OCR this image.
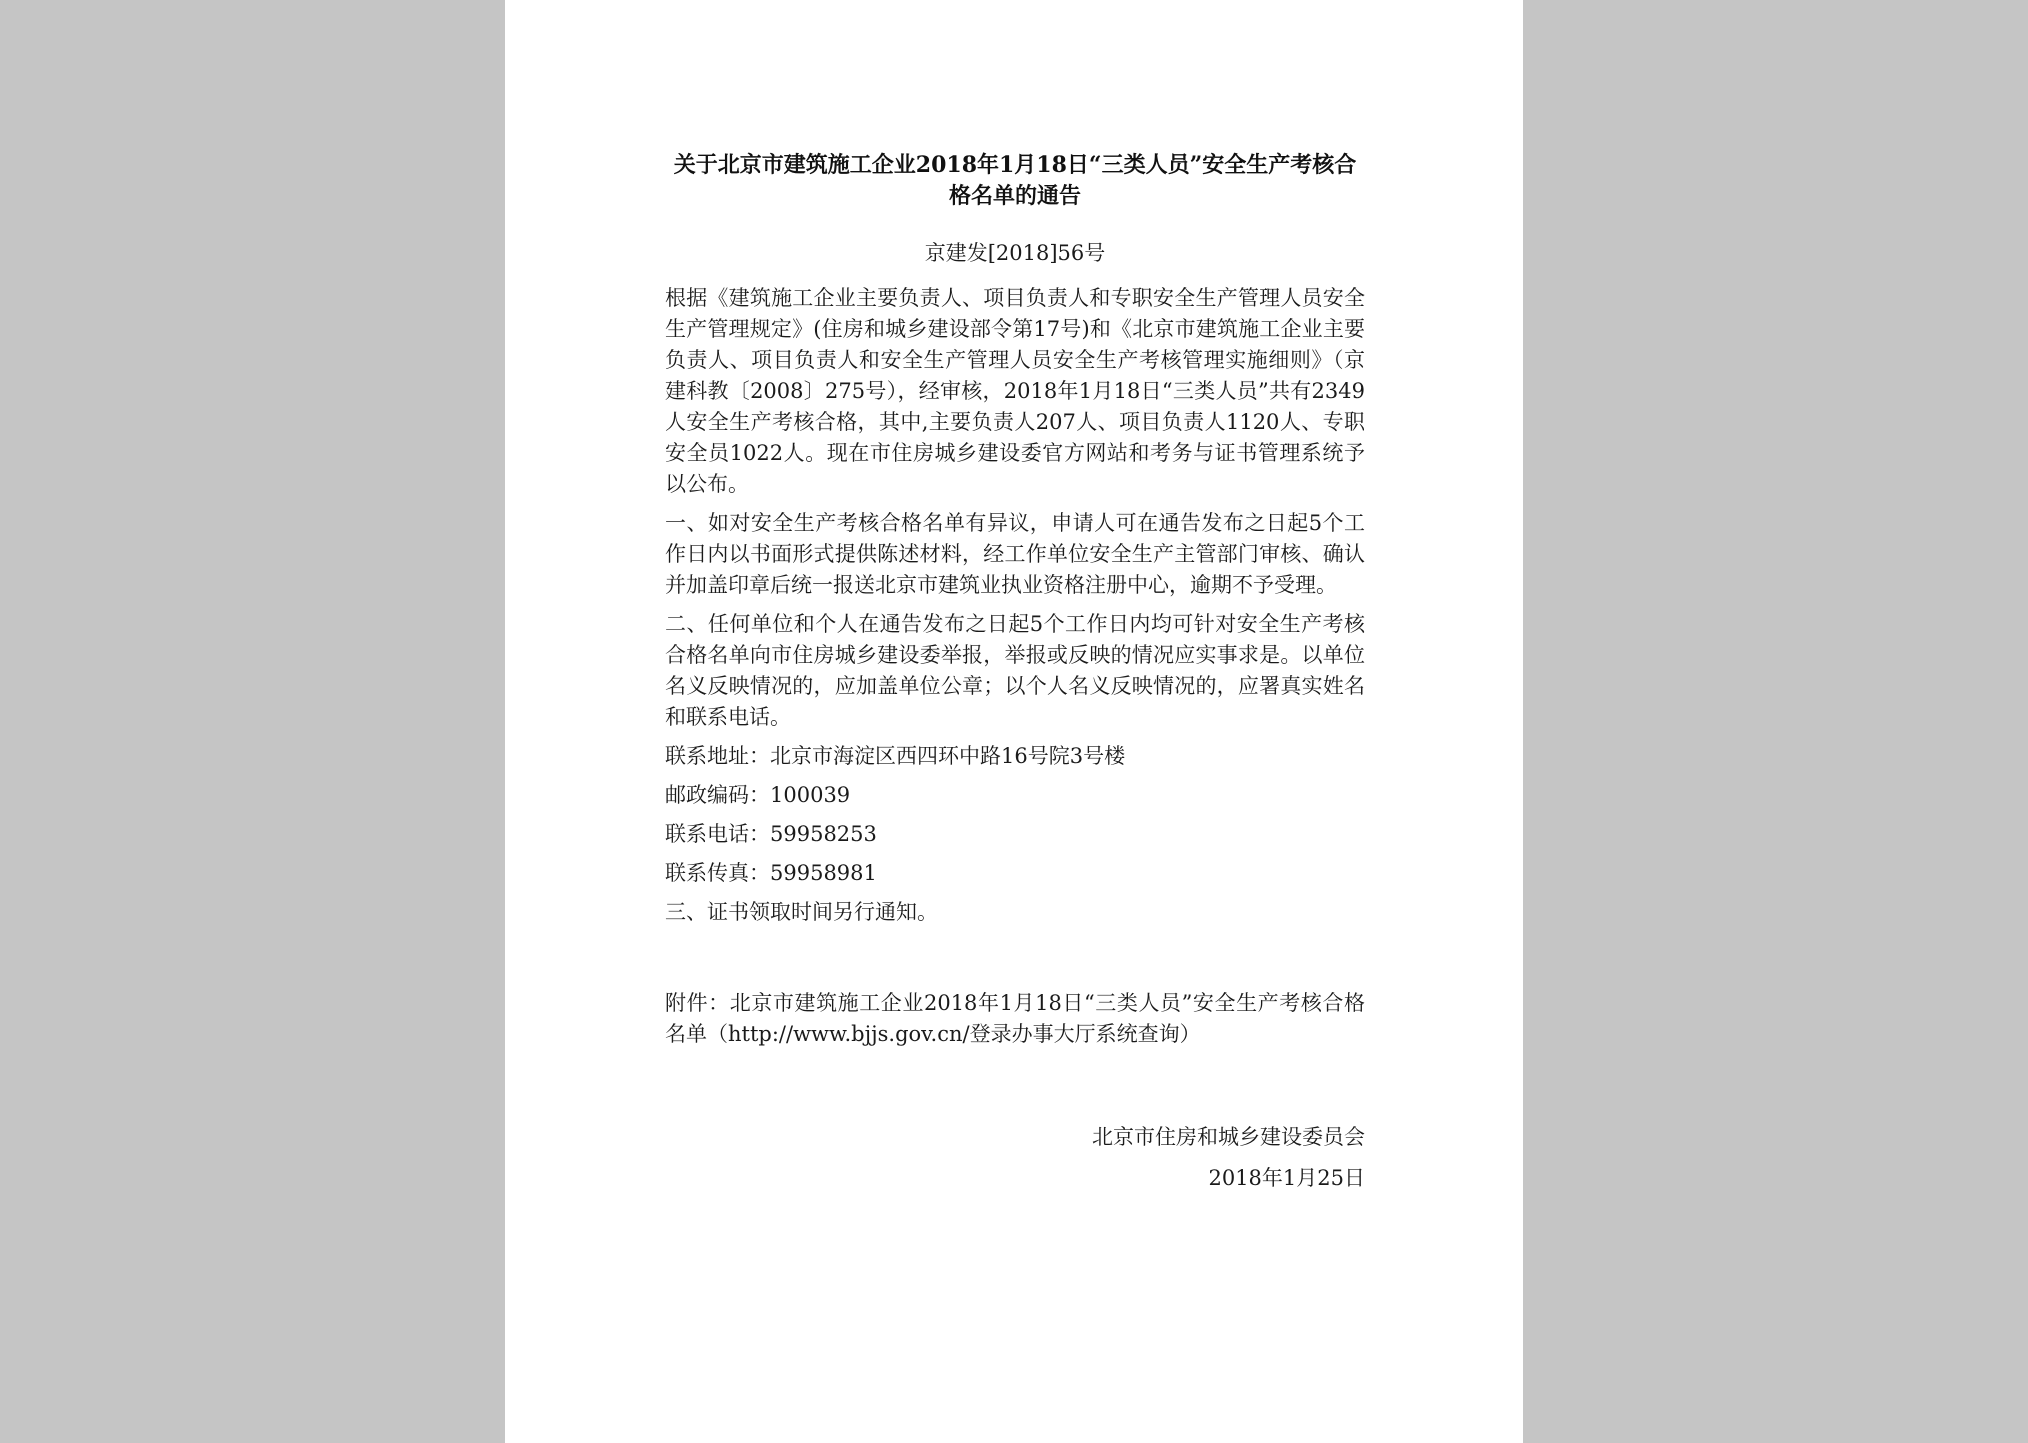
关于北京市建筑施工企业2018年1月18日“三类人员”安全生产考核合格名单的通告
京建发[2018]56号

根据《建筑施工企业主要负责人、项目负责人和专职安全生产管理人员安全生产管理规定》(住房和城乡建设部令第17号)和《北京市建筑施工企业主要负责人、项目负责人和安全生产管理人员安全生产考核管理实施细则》（京建科教〔2008〕275号），经审核，2018年1月18日“三类人员”共有2349人安全生产考核合格，其中,主要负责人207人、项目负责人1120人、专职安全员1022人。现在市住房城乡建设委官方网站和考务与证书管理系统予以公布。

一、如对安全生产考核合格名单有异议，申请人可在通告发布之日起5个工作日内以书面形式提供陈述材料，经工作单位安全生产主管部门审核、确认并加盖印章后统一报送北京市建筑业执业资格注册中心，逾期不予受理。

二、任何单位和个人在通告发布之日起5个工作日内均可针对安全生产考核合格名单向市住房城乡建设委举报，举报或反映的情况应实事求是。以单位名义反映情况的，应加盖单位公章；以个人名义反映情况的，应署真实姓名和联系电话。

联系地址：北京市海淀区西四环中路16号院3号楼
邮政编码：100039
联系电话：59958253
联系传真：59958981
三、证书领取时间另行通知。

附件：北京市建筑施工企业2018年1月18日“三类人员”安全生产考核合格名单（http://www.bjjs.gov.cn/登录办事大厅系统查询）

北京市住房和城乡建设委员会
2018年1月25日
